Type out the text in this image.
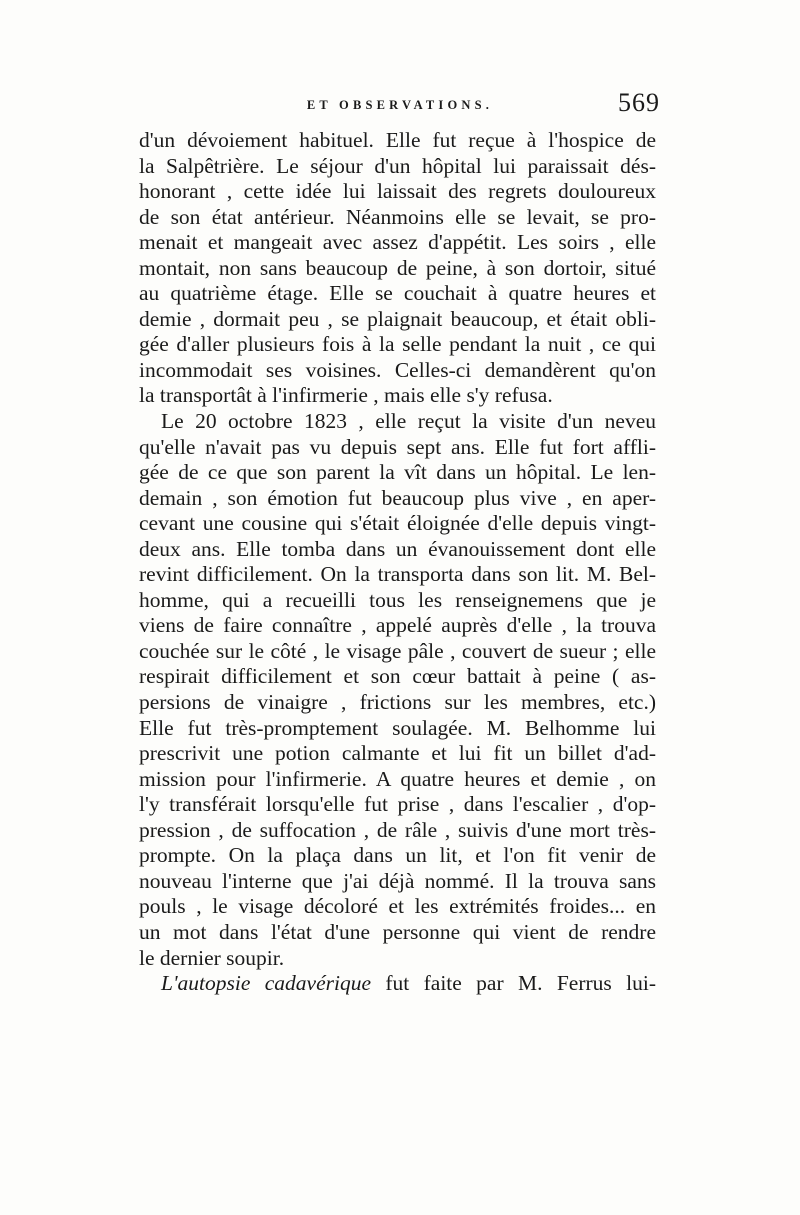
ET OBSERVATIONS.	569
d'un dévoiement habituel. Elle fut reçue à l'hospice de
la Salpêtrière. Le séjour d'un hôpital lui paraissait dés-
honorant , cette idée lui laissait des regrets douloureux
de son état antérieur. Néanmoins elle se levait, se pro-
menait et mangeait avec assez d'appétit. Les soirs , elle
montait, non sans beaucoup de peine, à son dortoir, situé
au quatrième étage. Elle se couchait à quatre heures et
demie , dormait peu , se plaignait beaucoup, et était obli-
gée d'aller plusieurs fois à la selle pendant la nuit , ce qui
incommodait ses voisines. Celles-ci demandèrent qu'on
la transportât à l'infirmerie , mais elle s'y refusa.
Le 20 octobre 1823 , elle reçut la visite d'un neveu
qu'elle n'avait pas vu depuis sept ans. Elle fut fort affli-
gée de ce que son parent la vît dans un hôpital. Le len-
demain , son émotion fut beaucoup plus vive , en aper-
cevant une cousine qui s'était éloignée d'elle depuis vingt-
deux ans. Elle tomba dans un évanouissement dont elle
revint difficilement. On la transporta dans son lit. M. Bel-
homme, qui a recueilli tous les renseignemens que je
viens de faire connaître , appelé auprès d'elle , la trouva
couchée sur le côté , le visage pâle , couvert de sueur ; elle
respirait difficilement et son cœur battait à peine ( as-
persions de vinaigre , frictions sur les membres, etc.)
Elle fut très-promptement soulagée. M. Belhomme lui
prescrivit une potion calmante et lui fit un billet d'ad-
mission pour l'infirmerie. A quatre heures et demie , on
l'y transférait lorsqu'elle fut prise , dans l'escalier , d'op-
pression , de suffocation , de râle , suivis d'une mort très-
prompte. On la plaça dans un lit, et l'on fit venir de
nouveau l'interne que j'ai déjà nommé. Il la trouva sans
pouls , le visage décoloré et les extrémités froides... en
un mot dans l'état d'une personne qui vient de rendre
le dernier soupir.
L'autopsie cadavérique fut faite par M. Ferrus lui-
